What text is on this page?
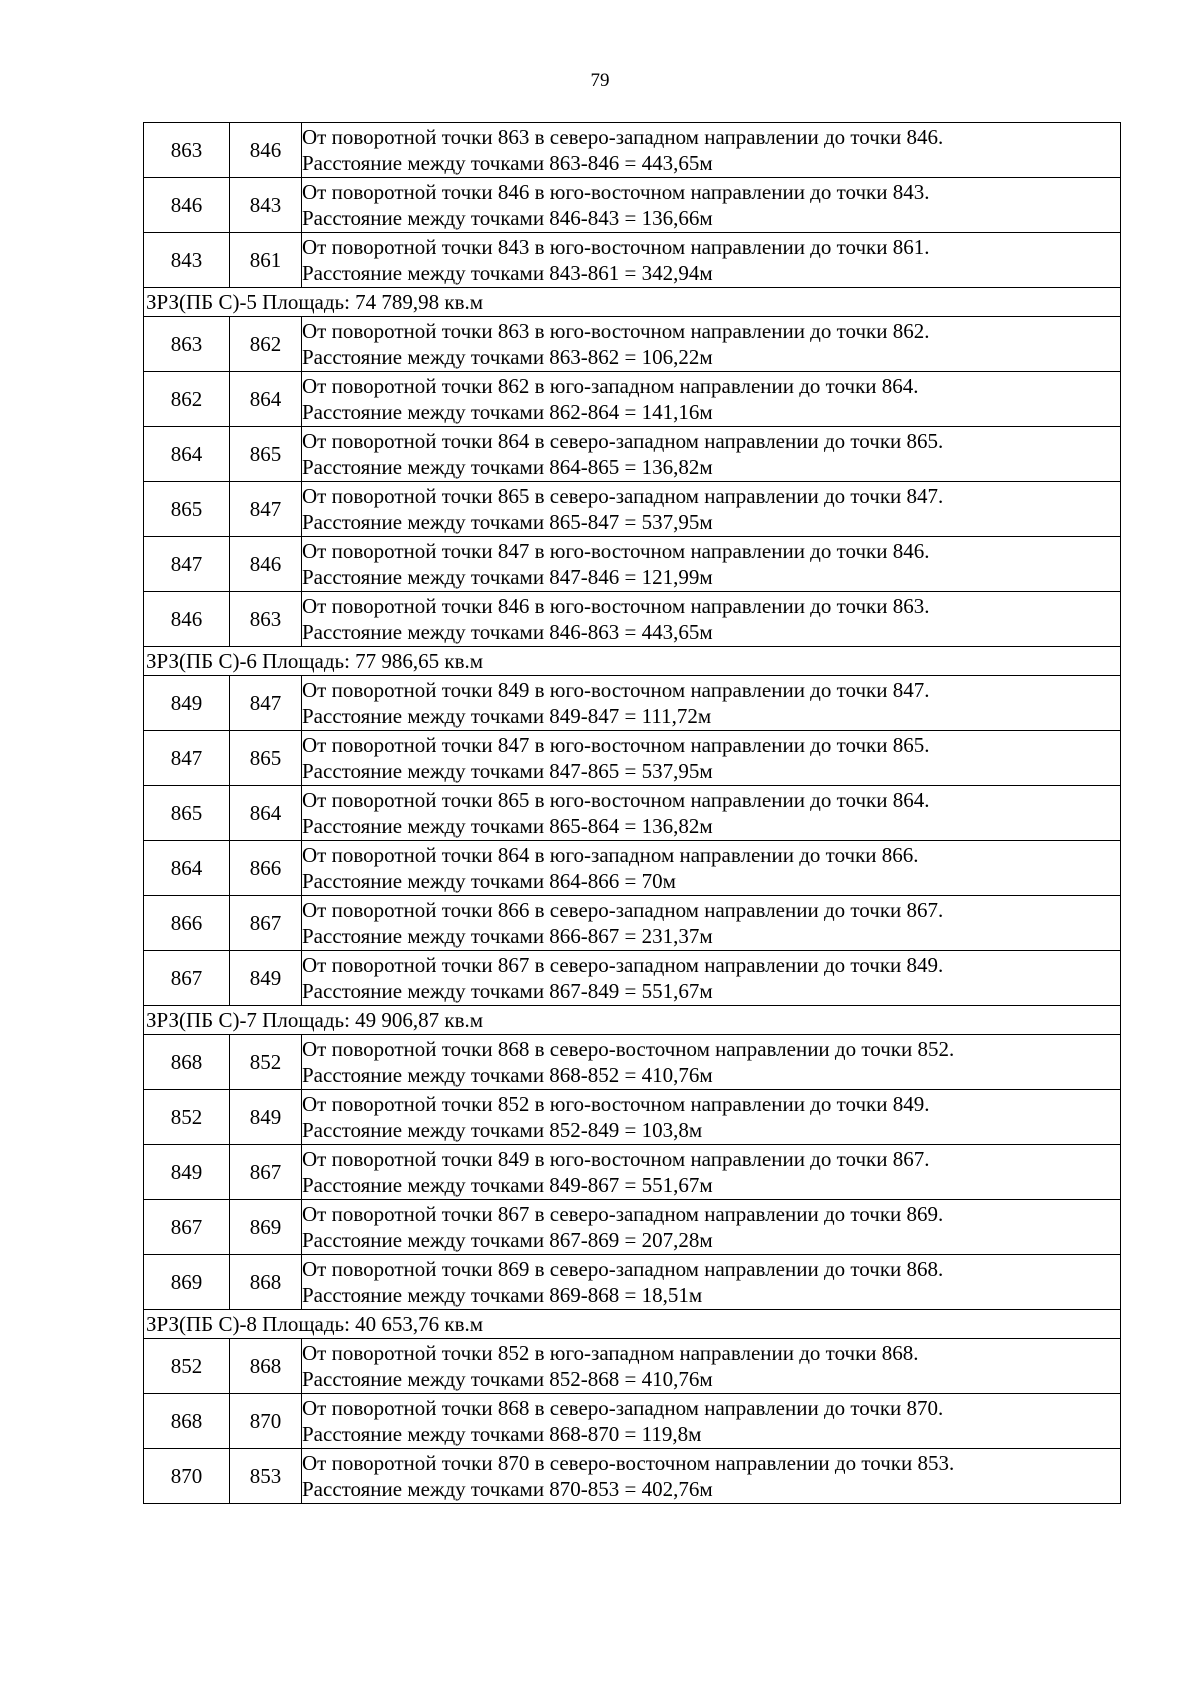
79
863	846	От поворотной точки 863 в северо-западном направлении до точки 846.
Расстояние между точками 863-846 = 443,65м

846	843	От поворотной точки 846 в юго-восточном направлении до точки 843.
Расстояние между точками 846-843 = 136,66м

843	861	От поворотной точки 843 в юго-восточном направлении до точки 861.
Расстояние между точками 843-861 = 342,94м

ЗРЗ(ПБ С)-5 Площадь: 74 789,98 кв.м		
863	862	От поворотной точки 863 в юго-восточном направлении до точки 862.
Расстояние между точками 863-862 = 106,22м

862	864	От поворотной точки 862 в юго-западном направлении до точки 864.
Расстояние между точками 862-864 = 141,16м

864	865	От поворотной точки 864 в северо-западном направлении до точки 865.
Расстояние между точками 864-865 = 136,82м

865	847	От поворотной точки 865 в северо-западном направлении до точки 847.
Расстояние между точками 865-847 = 537,95м

847	846	От поворотной точки 847 в юго-восточном направлении до точки 846.
Расстояние между точками 847-846 = 121,99м

846	863	От поворотной точки 846 в юго-восточном направлении до точки 863.
Расстояние между точками 846-863 = 443,65м

ЗРЗ(ПБ С)-6 Площадь: 77 986,65 кв.м		
849	847	От поворотной точки 849 в юго-восточном направлении до точки 847.
Расстояние между точками 849-847 = 111,72м

847	865	От поворотной точки 847 в юго-восточном направлении до точки 865.
Расстояние между точками 847-865 = 537,95м

865	864	От поворотной точки 865 в юго-восточном направлении до точки 864.
Расстояние между точками 865-864 = 136,82м

864	866	От поворотной точки 864 в юго-западном направлении до точки 866.
Расстояние между точками 864-866 = 70м

866	867	От поворотной точки 866 в северо-западном направлении до точки 867.
Расстояние между точками 866-867 = 231,37м

867	849	От поворотной точки 867 в северо-западном направлении до точки 849.
Расстояние между точками 867-849 = 551,67м

ЗРЗ(ПБ С)-7 Площадь: 49 906,87 кв.м		
868	852	От поворотной точки 868 в северо-восточном направлении до точки 852.
Расстояние между точками 868-852 = 410,76м

852	849	От поворотной точки 852 в юго-восточном направлении до точки 849.
Расстояние между точками 852-849 = 103,8м

849	867	От поворотной точки 849 в юго-восточном направлении до точки 867.
Расстояние между точками 849-867 = 551,67м

867	869	От поворотной точки 867 в северо-западном направлении до точки 869.
Расстояние между точками 867-869 = 207,28м

869	868	От поворотной точки 869 в северо-западном направлении до точки 868.
Расстояние между точками 869-868 = 18,51м

ЗРЗ(ПБ С)-8 Площадь: 40 653,76 кв.м		
852	868	От поворотной точки 852 в юго-западном направлении до точки 868.
Расстояние между точками 852-868 = 410,76м

868	870	От поворотной точки 868 в северо-западном направлении до точки 870.
Расстояние между точками 868-870 = 119,8м

870	853	От поворотной точки 870 в северо-восточном направлении до точки 853.
Расстояние между точками 870-853 = 402,76м
